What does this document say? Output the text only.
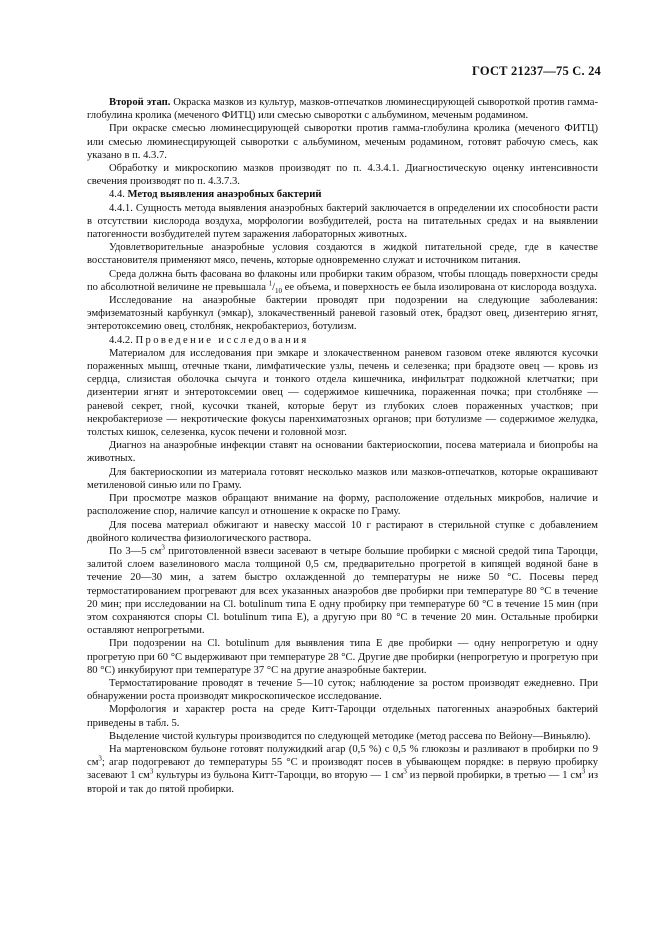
ГОСТ 21237—75 С. 24

Второй этап. Окраска мазков из культур, мазков-отпечатков люминесцирующей сывороткой против гамма-глобулина кролика (меченого ФИТЦ) или смесью сыворотки с альбумином, меченым родамином.

При окраске смесью люминесцирующей сыворотки против гамма-глобулина кролика (меченого ФИТЦ) или смесью люминесцирующей сыворотки с альбумином, меченым родамином, готовят рабочую смесь, как указано в п. 4.3.7.

Обработку и микроскопию мазков производят по п. 4.3.4.1. Диагностическую оценку интенсивности свечения производят по п. 4.3.7.3.

4.4. Метод выявления анаэробных бактерий

4.4.1. Сущность метода выявления анаэробных бактерий заключается в определении их способности расти в отсутствии кислорода воздуха, морфологии возбудителей, роста на питательных средах и на выявлении патогенности возбудителей путем заражения лабораторных животных.

Удовлетворительные анаэробные условия создаются в жидкой питательной среде, где в качестве восстановителя применяют мясо, печень, которые одновременно служат и источником питания.

Среда должна быть фасована во флаконы или пробирки таким образом, чтобы площадь поверхности среды по абсолютной величине не превышала $^1/_{10}$ ее объема, и поверхность ее была изолирована от кислорода воздуха.

Исследование на анаэробные бактерии проводят при подозрении на следующие заболевания: эмфизематозный карбункул (эмкар), злокачественный раневой газовый отек, брадзот овец, дизентерию ягнят, энтеротоксемию овец, столбняк, некробактериоз, ботулизм.

4.4.2. Проведение исследования

Материалом для исследования при эмкаре и злокачественном раневом газовом отеке являются кусочки пораженных мышц, отечные ткани, лимфатические узлы, печень и селезенка; при брадзоте овец — кровь из сердца, слизистая оболочка сычуга и тонкого отдела кишечника, инфильтрат подкожной клетчатки; при дизентерии ягнят и энтеротоксемии овец — содержимое кишечника, пораженная почка; при столбняке — раневой секрет, гной, кусочки тканей, которые берут из глубоких слоев пораженных участков; при некробактериозе — некротические фокусы паренхиматозных органов; при ботулизме — содержимое желудка, толстых кишок, селезенка, кусок печени и головной мозг.

Диагноз на анаэробные инфекции ставят на основании бактериоскопии, посева материала и биопробы на животных.

Для бактериоскопии из материала готовят несколько мазков или мазков-отпечатков, которые окрашивают метиленовой синью или по Граму.

При просмотре мазков обращают внимание на форму, расположение отдельных микробов, наличие и расположение спор, наличие капсул и отношение к окраске по Граму.

Для посева материал обжигают и навеску массой 10 г растирают в стерильной ступке с добавлением двойного количества физиологического раствора.

По 3—5 $см^3$ приготовленной взвеси засевают в четыре большие пробирки с мясной средой типа Тароцци, залитой слоем вазелинового масла толщиной 0,5 см, предварительно прогретой в кипящей водяной бане в течение 20—30 мин, а затем быстро охлажденной до температуры не ниже 50 °С. Посевы перед термостатированием прогревают для всех указанных анаэробов две пробирки при температуре 80 °С в течение 20 мин; при исследовании на Cl. botulinum типа Е одну пробирку при температуре 60 °С в течение 15 мин (при этом сохраняются споры Cl. botulinum типа Е), а другую при 80 °С в течение 20 мин. Остальные пробирки оставляют непрогретыми.

При подозрении на Cl. botulinum для выявления типа Е две пробирки — одну непрогретую и одну прогретую при 60 °С выдерживают при температуре 28 °С. Другие две пробирки (непрогретую и прогретую при 80 °С) инкубируют при температуре 37 °С на другие анаэробные бактерии.

Термостатирование проводят в течение 5—10 суток; наблюдение за ростом производят ежедневно. При обнаружении роста производят микроскопическое исследование.

Морфология и характер роста на среде Китт-Тароцци отдельных патогенных анаэробных бактерий приведены в табл. 5.

Выделение чистой культуры производится по следующей методике (метод рассева по Вейону—Виньялю).

На мартеновском бульоне готовят полужидкий агар (0,5 %) с 0,5 % глюкозы и разливают в пробирки по 9 $см^3$; агар подогревают до температуры 55 °С и производят посев в убывающем порядке: в первую пробирку засевают 1 $см^3$ культуры из бульона Китт-Тароцци, во вторую — 1 $см^3$ из первой пробирки, в третью — 1 $см^3$ из второй и так до пятой пробирки.
